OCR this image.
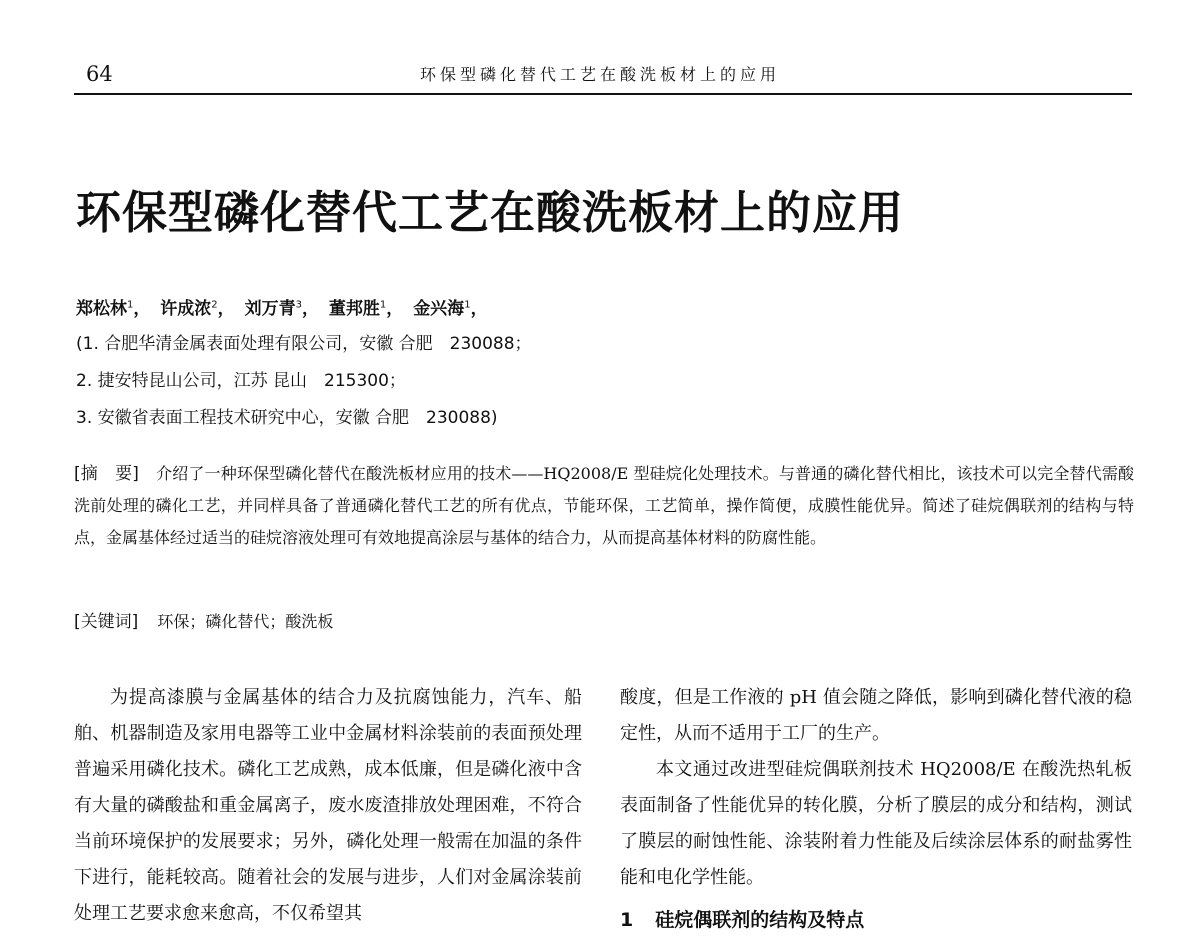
64	环保型磷化替代工艺在酸洗板材上的应用
环保型磷化替代工艺在酸洗板材上的应用
郑松林$^1$， 许成浓$^2$， 刘万青$^3$， 董邦胜$^1$， 金兴海$^1$，
(1. 合肥华清金属表面处理有限公司，安徽 合肥　230088；
2. 捷安特昆山公司，江苏 昆山　215300；
3. 安徽省表面工程技术研究中心，安徽 合肥　230088)
[摘　要] 介绍了一种环保型磷化替代在酸洗板材应用的技术——HQ2008/E 型硅烷化处理技术。与普通的磷化替代相比，该技术可以完全替代需酸洗前处理的磷化工艺，并同样具备了普通磷化替代工艺的所有优点，节能环保，工艺简单，操作简便，成膜性能优异。简述了硅烷偶联剂的结构与特点，金属基体经过适当的硅烷溶液处理可有效地提高涂层与基体的结合力，从而提高基体材料的防腐性能。
[关键词] 环保；磷化替代；酸洗板

为提高漆膜与金属基体的结合力及抗腐蚀能力，汽车、船舶、机器制造及家用电器等工业中金属材料涂装前的表面预处理普遍采用磷化技术。磷化工艺成熟，成本低廉，但是磷化液中含有大量的磷酸盐和重金属离子，废水废渣排放处理困难，不符合当前环境保护的发展要求；另外，磷化处理一般需在加温的条件下进行，能耗较高。随着社会的发展与进步，人们对金属涂装前处理工艺要求愈来愈高，不仅希望其

酸度，但是工作液的 pH 值会随之降低，影响到磷化替代液的稳定性，从而不适用于工厂的生产。

本文通过改进型硅烷偶联剂技术 HQ2008/E 在酸洗热轧板表面制备了性能优异的转化膜，分析了膜层的成分和结构，测试了膜层的耐蚀性能、涂装附着力性能及后续涂层体系的耐盐雾性能和电化学性能。

1 硅烷偶联剂的结构及特点
